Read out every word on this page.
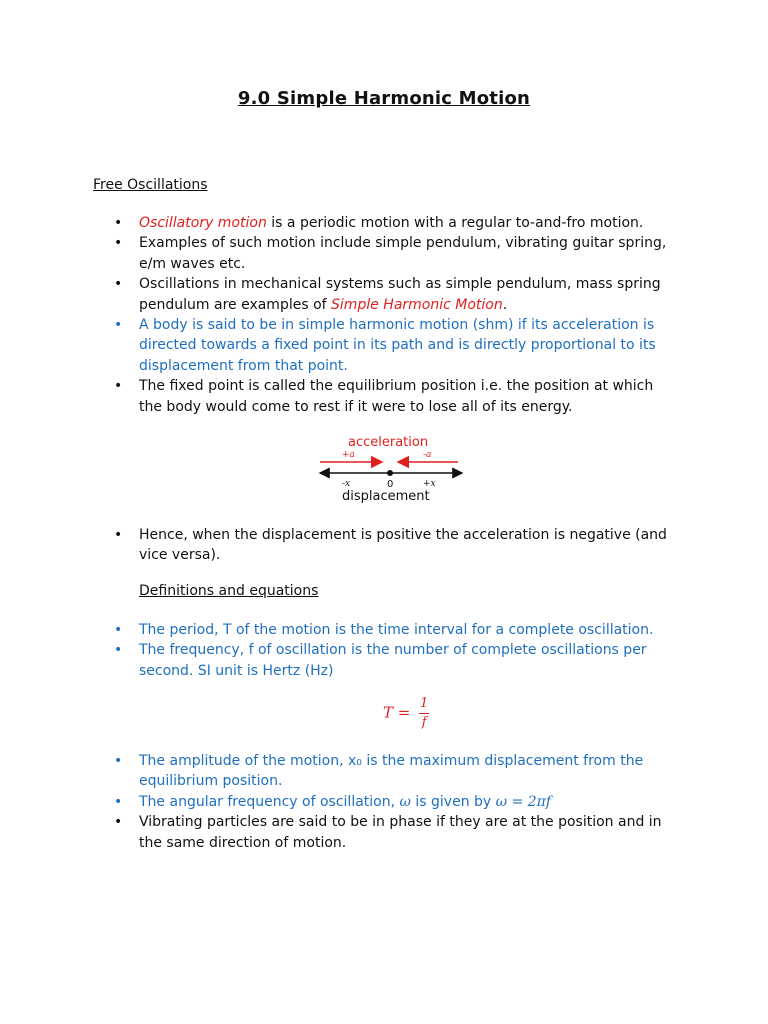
9.0 Simple Harmonic Motion
Free Oscillations
• Oscillatory motion is a periodic motion with a regular to-and-fro motion.
• Examples of such motion include simple pendulum, vibrating guitar spring, e/m waves etc.
• Oscillations in mechanical systems such as simple pendulum, mass spring pendulum are examples of Simple Harmonic Motion.
• A body is said to be in simple harmonic motion (shm) if its acceleration is directed towards a fixed point in its path and is directly proportional to its displacement from that point.
• The fixed point is called the equilibrium position i.e. the position at which the body would come to rest if it were to lose all of its energy.
acceleration
+a	-a
-x	0	+x
displacement
• Hence, when the displacement is positive the acceleration is negative (and vice versa).
Definitions and equations
• The period, T of the motion is the time interval for a complete oscillation.
• The frequency, f of oscillation is the number of complete oscillations per second. SI unit is Hertz (Hz)
$T = \frac{1}{f}$
• The amplitude of the motion, x₀ is the maximum displacement from the equilibrium position.
• The angular frequency of oscillation, ω is given by ω = 2πf
• Vibrating particles are said to be in phase if they are at the position and in the same direction of motion.
